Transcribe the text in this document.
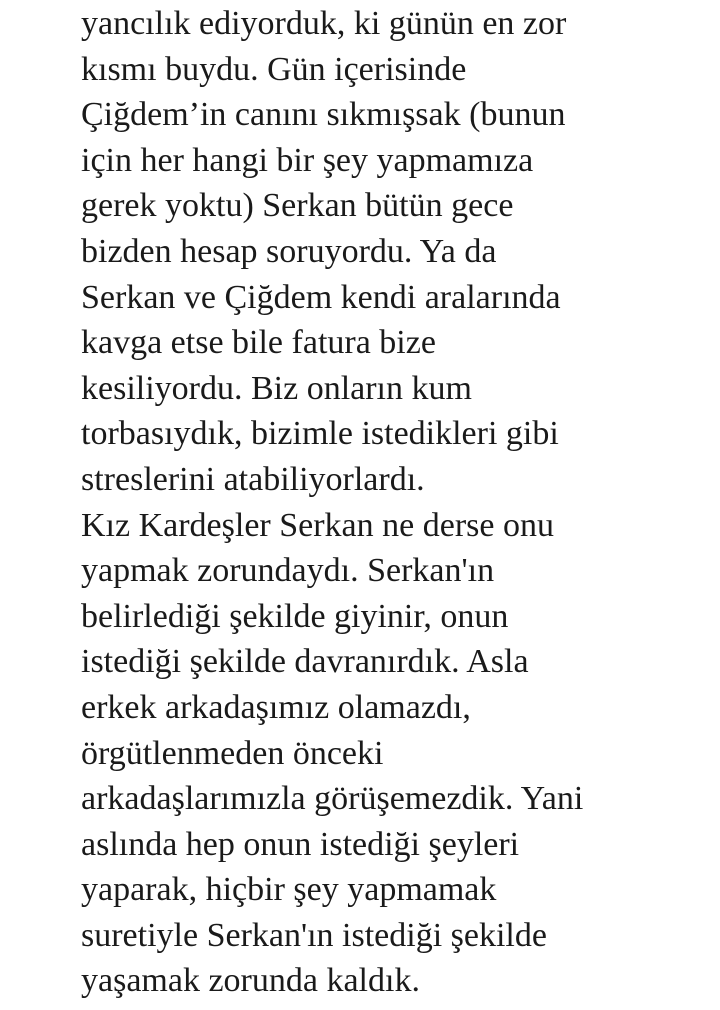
yancılık ediyorduk, ki günün en zor
kısmı buydu. Gün içerisinde
Çiğdem’in canını sıkmışsak (bunun
için her hangi bir şey yapmamıza
gerek yoktu) Serkan bütün gece
bizden hesap soruyordu. Ya da
Serkan ve Çiğdem kendi aralarında
kavga etse bile fatura bize
kesiliyordu. Biz onların kum
torbasıydık, bizimle istedikleri gibi
streslerini atabiliyorlardı.
Kız Kardeşler Serkan ne derse onu
yapmak zorundaydı. Serkan'ın
belirlediği şekilde giyinir, onun
istediği şekilde davranırdık. Asla
erkek arkadaşımız olamazdı,
örgütlenmeden önceki
arkadaşlarımızla görüşemezdik. Yani
aslında hep onun istediği şeyleri
yaparak, hiçbir şey yapmamak
suretiyle Serkan'ın istediği şekilde
yaşamak zorunda kaldık.
